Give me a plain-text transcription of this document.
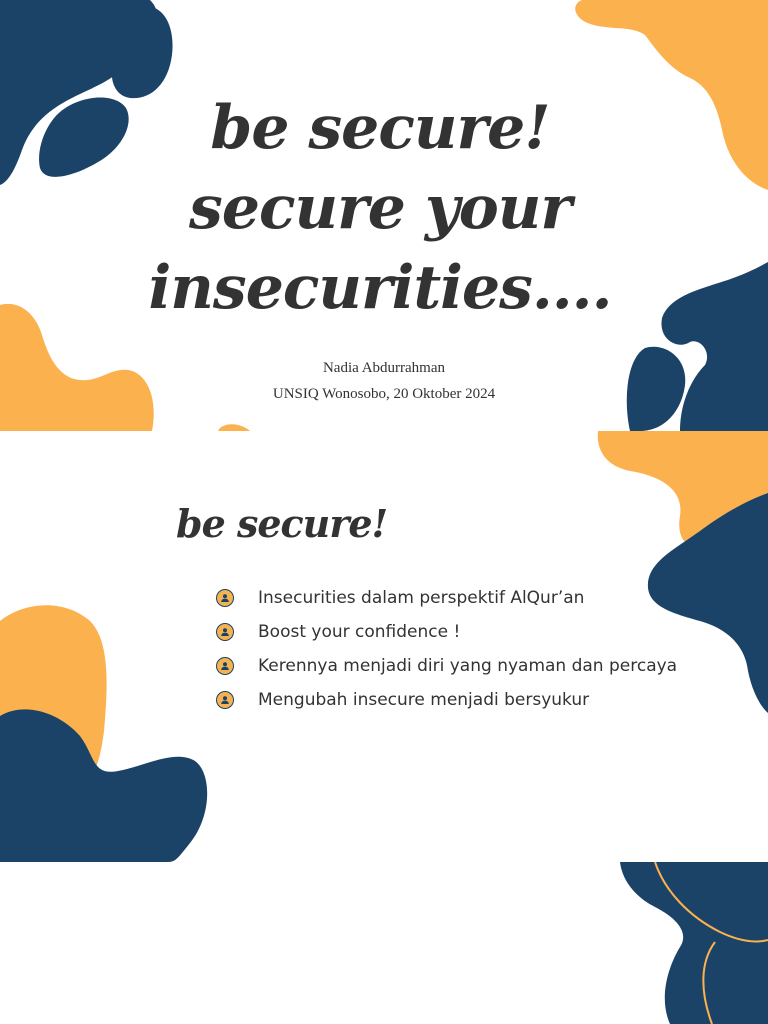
be secure!
secure your
insecurities....
Nadia Abdurrahman
UNSIQ Wonosobo, 20 Oktober 2024
be secure!
Insecurities dalam perspektif AlQur’an
Boost your confidence !
Kerennya menjadi diri yang nyaman dan percaya
Mengubah insecure menjadi bersyukur
